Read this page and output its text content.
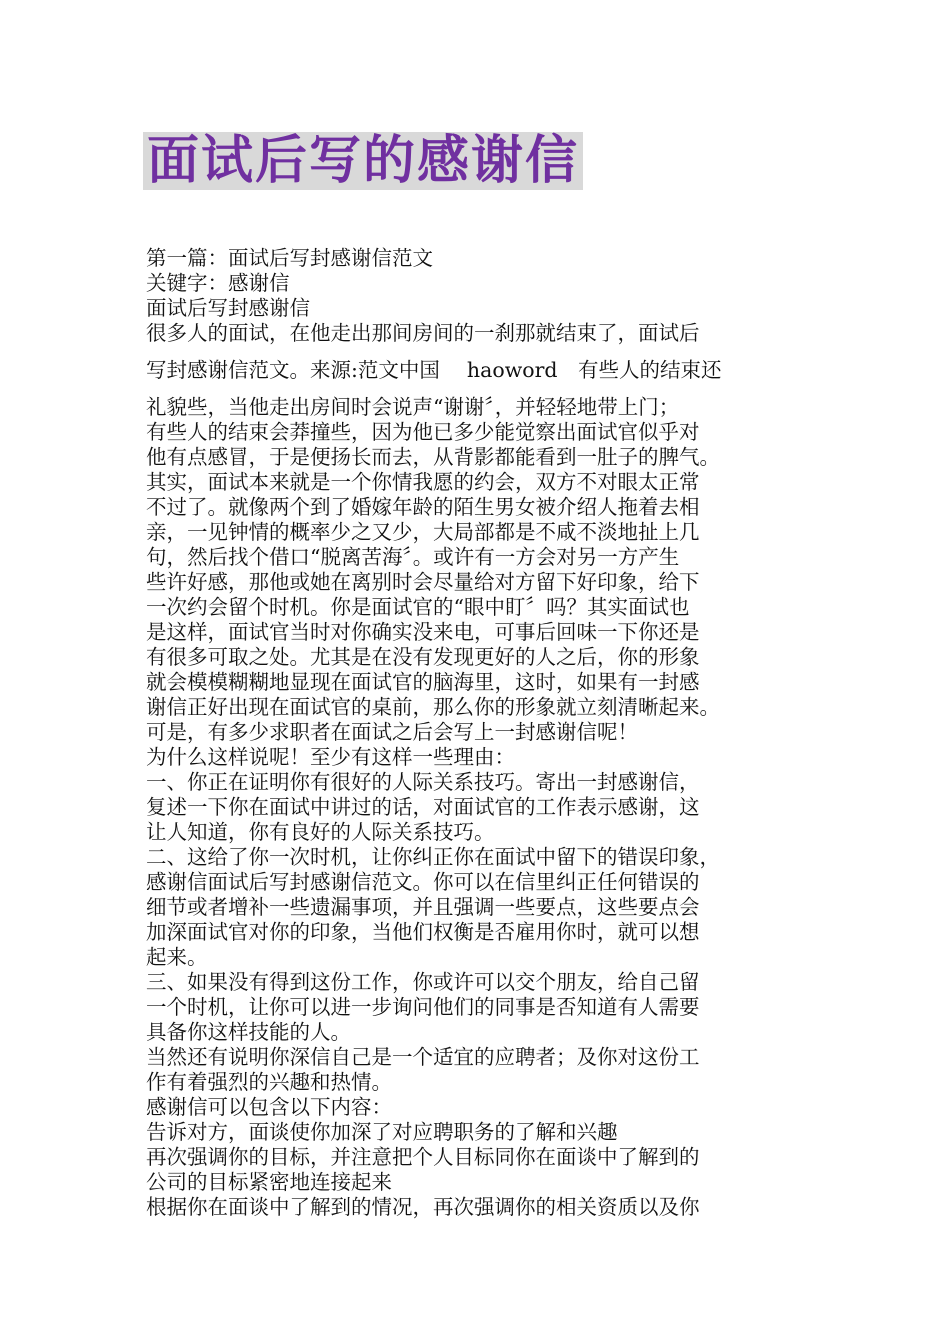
面试后写的感谢信

第一篇：面试后写封感谢信范文

关键字：感谢信

面试后写封感谢信

很多人的面试，在他走出那间房间的一刹那就结束了，面试后

写封感谢信范文。来源:范文中国　 haoword　有些人的结束还

礼貌些，当他走出房间时会说声“谢谢〞，并轻轻地带上门；

有些人的结束会莽撞些，因为他已多少能觉察出面试官似乎对

他有点感冒，于是便扬长而去，从背影都能看到一肚子的脾气。

其实，面试本来就是一个你情我愿的约会，双方不对眼太正常

不过了。就像两个到了婚嫁年龄的陌生男女被介绍人拖着去相

亲，一见钟情的概率少之又少，大局部都是不咸不淡地扯上几

句，然后找个借口“脱离苦海〞。或许有一方会对另一方产生

些许好感，那他或她在离别时会尽量给对方留下好印象，给下

一次约会留个时机。你是面试官的“眼中盯〞吗？其实面试也

是这样，面试官当时对你确实没来电，可事后回味一下你还是

有很多可取之处。尤其是在没有发现更好的人之后，你的形象

就会模模糊糊地显现在面试官的脑海里，这时，如果有一封感

谢信正好出现在面试官的桌前，那么你的形象就立刻清晰起来。

可是，有多少求职者在面试之后会写上一封感谢信呢！

为什么这样说呢！至少有这样一些理由：

一、你正在证明你有很好的人际关系技巧。寄出一封感谢信，

复述一下你在面试中讲过的话，对面试官的工作表示感谢，这

让人知道，你有良好的人际关系技巧。

二、这给了你一次时机，让你纠正你在面试中留下的错误印象，

感谢信面试后写封感谢信范文。你可以在信里纠正任何错误的

细节或者增补一些遗漏事项，并且强调一些要点，这些要点会

加深面试官对你的印象，当他们权衡是否雇用你时，就可以想

起来。

三、如果没有得到这份工作，你或许可以交个朋友，给自己留

一个时机，让你可以进一步询问他们的同事是否知道有人需要

具备你这样技能的人。

当然还有说明你深信自己是一个适宜的应聘者；及你对这份工

作有着强烈的兴趣和热情。

感谢信可以包含以下内容：

告诉对方，面谈使你加深了对应聘职务的了解和兴趣

再次强调你的目标，并注意把个人目标同你在面谈中了解到的

公司的目标紧密地连接起来

根据你在面谈中了解到的情况，再次强调你的相关资质以及你
